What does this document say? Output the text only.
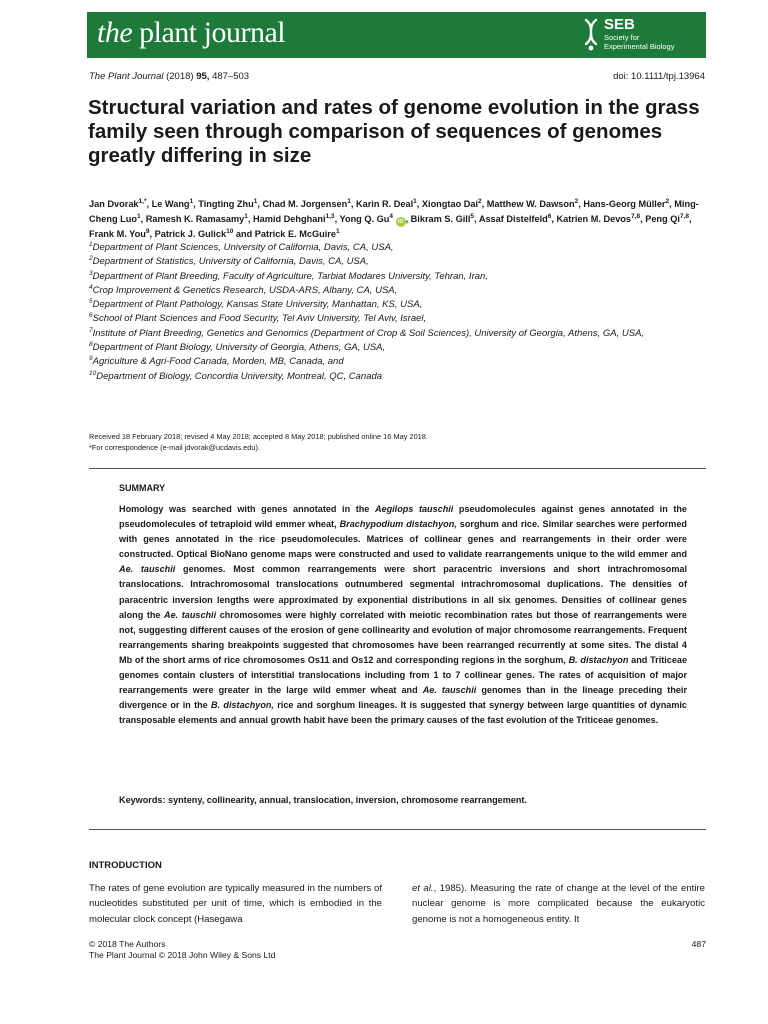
the plant journal	SEB
Society for
Experimental Biology
The Plant Journal (2018) 95, 487–503	doi: 10.1111/tpj.13964
Structural variation and rates of genome evolution in the grass family seen through comparison of sequences of genomes greatly differing in size
Jan Dvorak$^{1,*}$, Le Wang$^1$, Tingting Zhu$^1$, Chad M. Jorgensen$^1$, Karin R. Deal$^1$, Xiongtao Dai$^2$, Matthew W. Dawson$^2$, Hans-Georg Müller$^2$, Ming-Cheng Luo$^1$, Ramesh K. Ramasamy$^1$, Hamid Dehghani$^{1,3}$, Yong Q. Gu$^4$ iD , Bikram S. Gill$^5$, Assaf Distelfeld$^6$, Katrien M. Devos$^{7,8}$, Peng Qi$^{7,8}$, Frank M. You$^9$, Patrick J. Gulick$^{10}$ and Patrick E. McGuire$^1$
$^1$Department of Plant Sciences, University of California, Davis, CA, USA,
$^2$Department of Statistics, University of California, Davis, CA, USA,
$^3$Department of Plant Breeding, Faculty of Agriculture, Tarbiat Modares University, Tehran, Iran,
$^4$Crop Improvement & Genetics Research, USDA-ARS, Albany, CA, USA,
$^5$Department of Plant Pathology, Kansas State University, Manhattan, KS, USA,
$^6$School of Plant Sciences and Food Security, Tel Aviv University, Tel Aviv, Israel,
$^7$Institute of Plant Breeding, Genetics and Genomics (Department of Crop & Soil Sciences), University of Georgia, Athens, GA, USA,
$^8$Department of Plant Biology, University of Georgia, Athens, GA, USA,
$^9$Agriculture & Agri-Food Canada, Morden, MB, Canada, and
$^{10}$Department of Biology, Concordia University, Montreal, QC, Canada
Received 18 February 2018; revised 4 May 2018; accepted 8 May 2018; published online 16 May 2018.
*For correspondence (e-mail jdvorak@ucdavis.edu).
SUMMARY
Homology was searched with genes annotated in the Aegilops tauschii pseudomolecules against genes annotated in the pseudomolecules of tetraploid wild emmer wheat, Brachypodium distachyon, sorghum and rice. Similar searches were performed with genes annotated in the rice pseudomolecules. Matrices of collinear genes and rearrangements in their order were constructed. Optical BioNano genome maps were constructed and used to validate rearrangements unique to the wild emmer and Ae. tauschii genomes. Most common rearrangements were short paracentric inversions and short intrachromosomal translocations. Intrachromosomal translocations outnumbered segmental intrachromosomal duplications. The densities of paracentric inversion lengths were approximated by exponential distributions in all six genomes. Densities of collinear genes along the Ae. tauschii chromosomes were highly correlated with meiotic recombination rates but those of rearrangements were not, suggesting different causes of the erosion of gene collinearity and evolution of major chromosome rearrangements. Frequent rearrangements sharing breakpoints suggested that chromosomes have been rearranged recurrently at some sites. The distal 4 Mb of the short arms of rice chromosomes Os11 and Os12 and corresponding regions in the sorghum, B. distachyon and Triticeae genomes contain clusters of interstitial translocations including from 1 to 7 collinear genes. The rates of acquisition of major rearrangements were greater in the large wild emmer wheat and Ae. tauschii genomes than in the lineage preceding their divergence or in the B. distachyon, rice and sorghum lineages. It is suggested that synergy between large quantities of dynamic transposable elements and annual growth habit have been the primary causes of the fast evolution of the Triticeae genomes.
Keywords: synteny, collinearity, annual, translocation, inversion, chromosome rearrangement.
INTRODUCTION
The rates of gene evolution are typically measured in the numbers of nucleotides substituted per unit of time, which is embodied in the molecular clock concept (Hasegawa
et al., 1985). Measuring the rate of change at the level of the entire nuclear genome is more complicated because the eukaryotic genome is not a homogeneous entity. It
© 2018 The Authors
The Plant Journal © 2018 John Wiley & Sons Ltd
487
